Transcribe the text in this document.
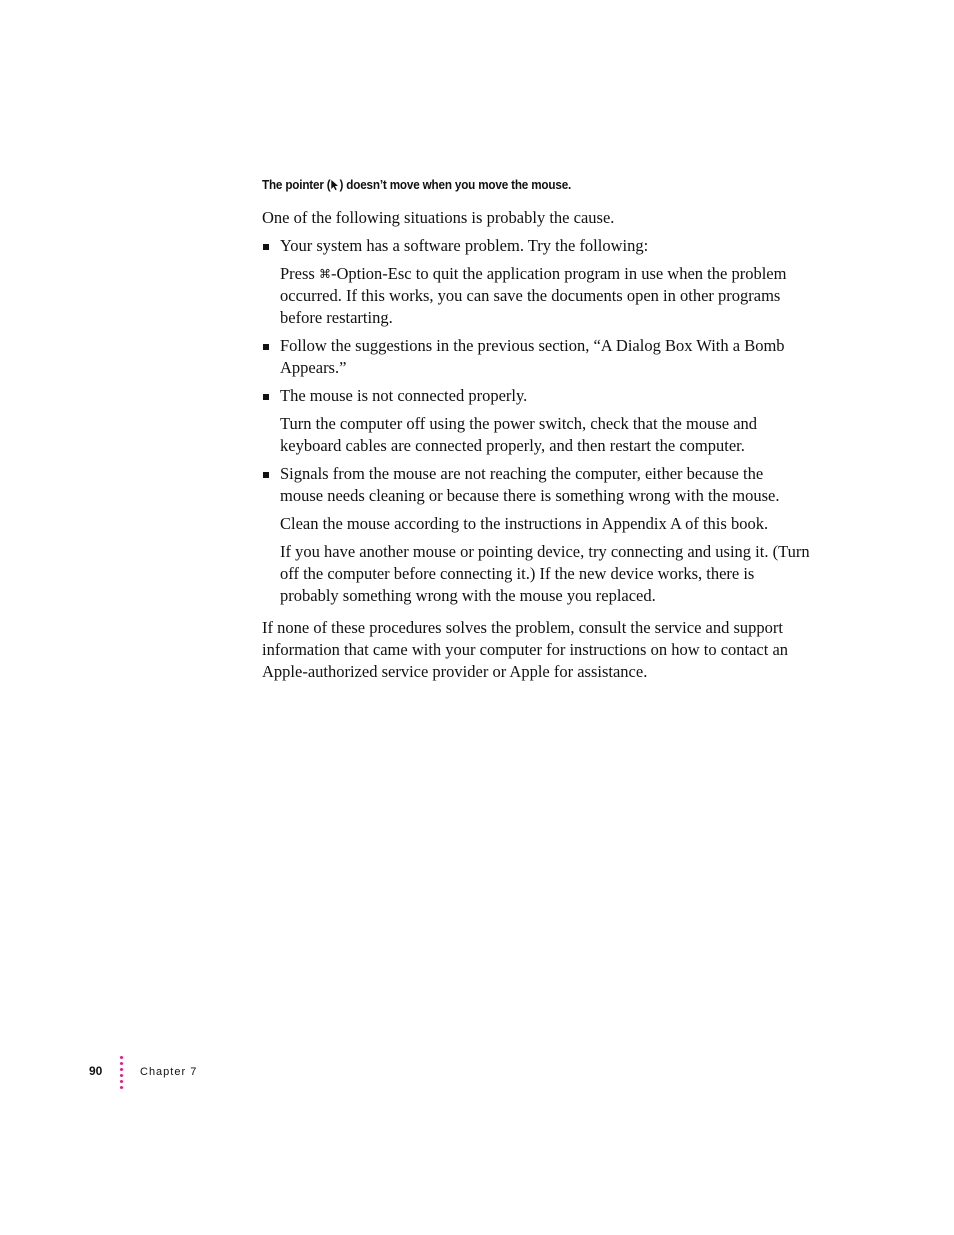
The pointer ( ) doesn’t move when you move the mouse.

One of the following situations is probably the cause.

Your system has a software problem. Try the following:

Press ⌘-Option-Esc to quit the application program in use when the problem occurred. If this works, you can save the documents open in other programs before restarting.

Follow the suggestions in the previous section, “A Dialog Box With a Bomb Appears.”

The mouse is not connected properly.

Turn the computer off using the power switch, check that the mouse and keyboard cables are connected properly, and then restart the computer.

Signals from the mouse are not reaching the computer, either because the mouse needs cleaning or because there is something wrong with the mouse.

Clean the mouse according to the instructions in Appendix A of this book.

If you have another mouse or pointing device, try connecting and using it. (Turn off the computer before connecting it.) If the new device works, there is probably something wrong with the mouse you replaced.

If none of these procedures solves the problem, consult the service and support information that came with your computer for instructions on how to contact an Apple-authorized service provider or Apple for assistance.

90	Chapter 7
